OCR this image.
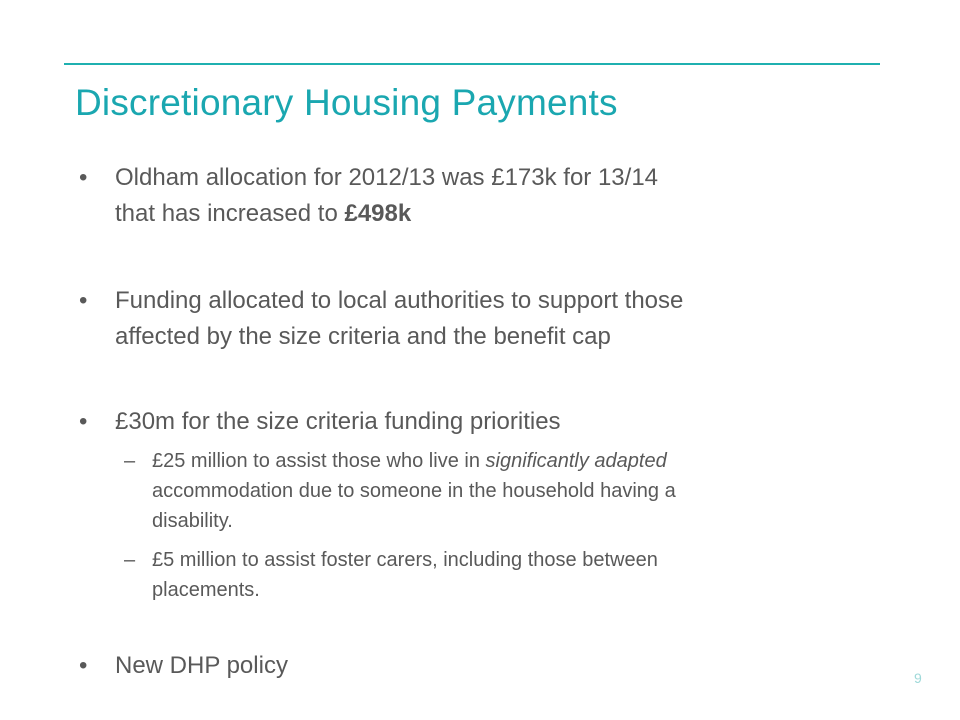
Discretionary Housing Payments
• Oldham allocation for 2012/13 was £173k for 13/14
that has increased to £498k
• Funding allocated to local authorities to support those
affected by the size criteria and the benefit cap
• £30m for the size criteria funding priorities
– £25 million to assist those who live in significantly adapted
accommodation due to someone in the household having a
disability.
– £5 million to assist foster carers, including those between
placements.
• New DHP policy	9
